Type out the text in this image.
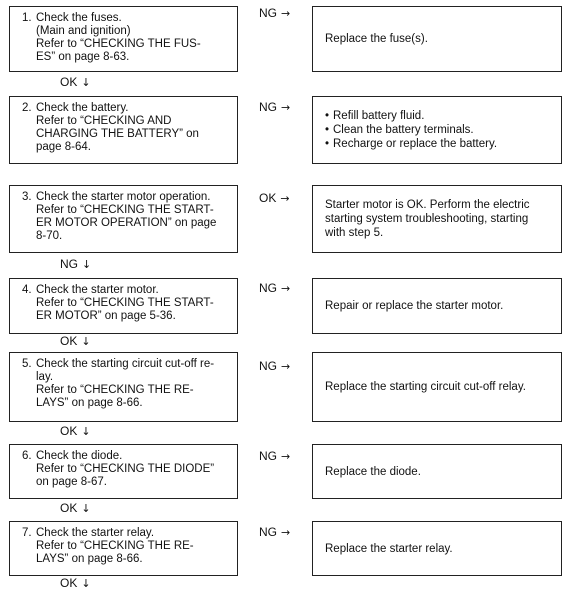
1. Check the fuses.
(Main and ignition)
Refer to “CHECKING THE FUS-
ES” on page 8-63.
NG →
Replace the fuse(s).
OK ↓
2. Check the battery.
Refer to “CHECKING AND
CHARGING THE BATTERY” on
page 8-64.
NG →
• Refill battery fluid.
• Clean the battery terminals.
• Recharge or replace the battery.
3. Check the starter motor operation.
Refer to “CHECKING THE START-
ER MOTOR OPERATION” on page
8-70.
OK →	Starter motor is OK. Perform the electric
starting system troubleshooting, starting
with step 5.
NG ↓
4. Check the starter motor.
Refer to “CHECKING THE START-
ER MOTOR” on page 5-36.
NG →
Repair or replace the starter motor.
OK ↓
5. Check the starting circuit cut-off re-
lay.
Refer to “CHECKING THE RE-
LAYS” on page 8-66.
NG →
Replace the starting circuit cut-off relay.
OK ↓
6. Check the diode.
Refer to “CHECKING THE DIODE”
on page 8-67.
NG →
Replace the diode.
OK ↓
7. Check the starter relay.
Refer to “CHECKING THE RE-
LAYS” on page 8-66.
NG →
Replace the starter relay.
OK ↓
